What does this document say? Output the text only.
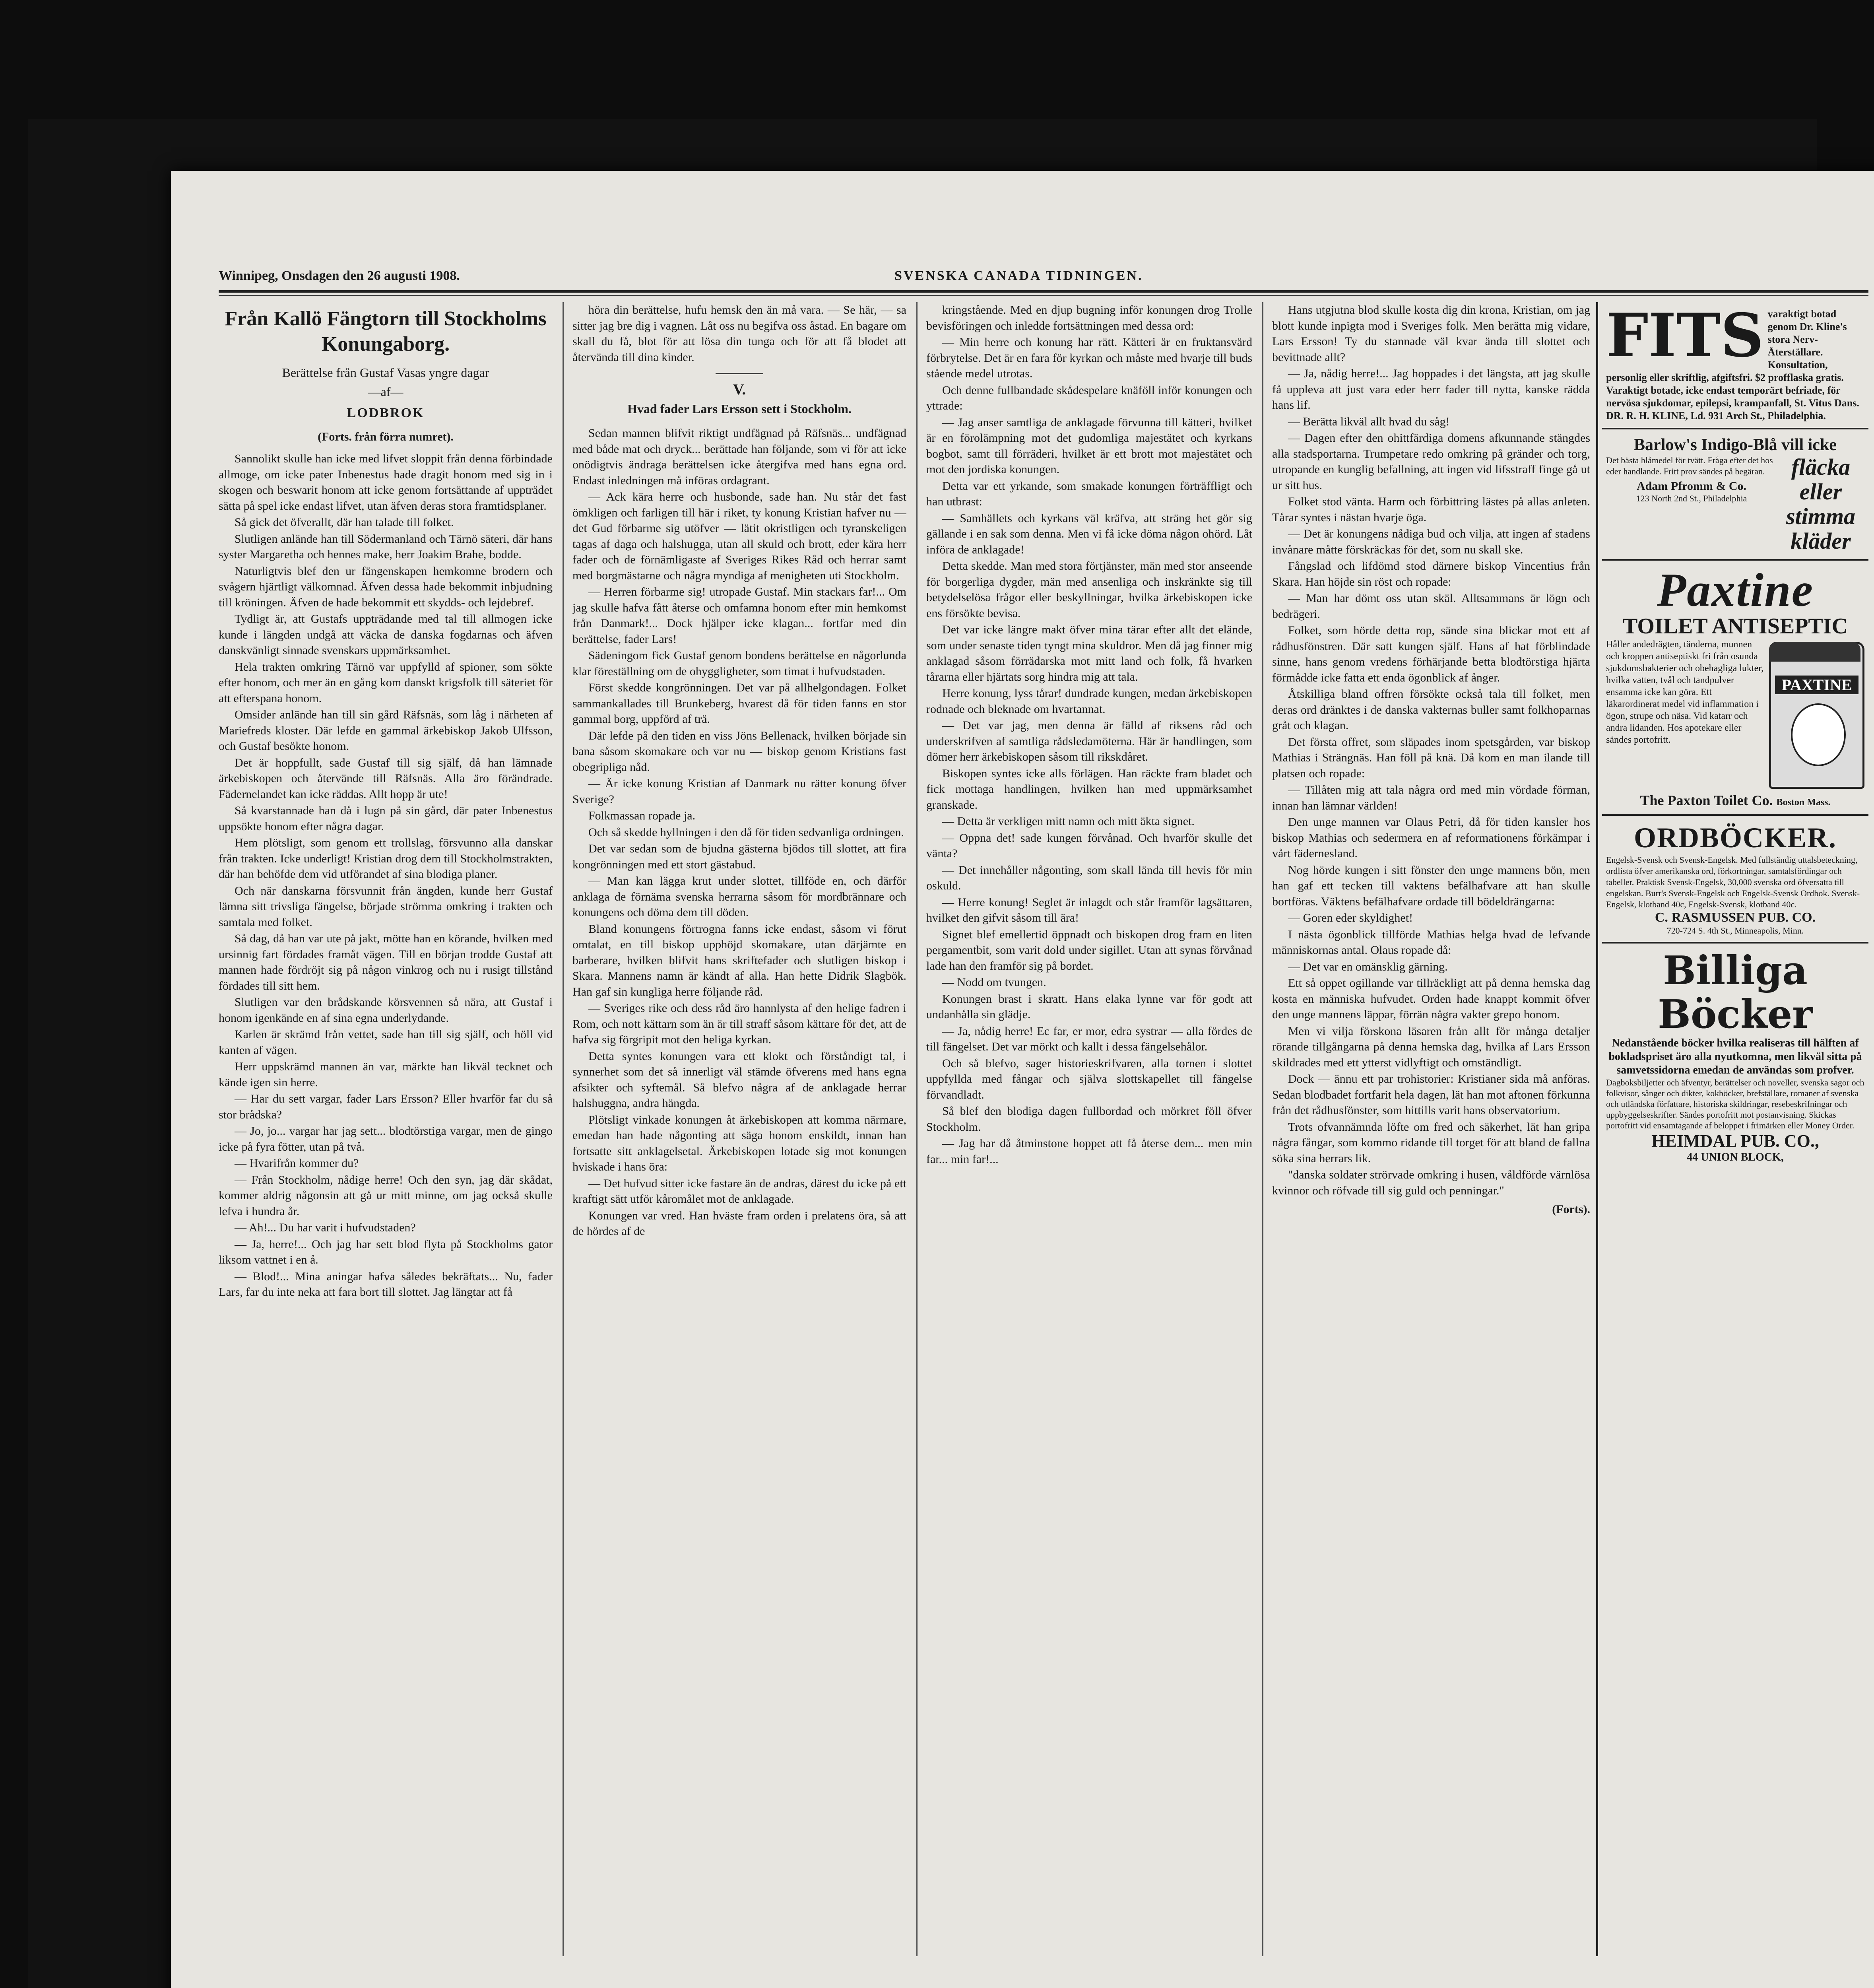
Winnipeg, Onsdagen den 26 augusti 1908.	SVENSKA CANADA TIDNINGEN.
Från Kallö Fängtorn till Stockholms Konungaborg.
Berättelse från Gustaf Vasas yngre dagar
—af—
LODBROK
(Forts. från förra numret).

Sannolikt skulle han icke med lifvet sloppit från denna förbindade allmoge, om icke pater Inbenestus hade dragit honom med sig in i skogen och beswarit honom att icke genom fortsättande af uppträdet sätta på spel icke endast lifvet, utan äfven deras stora framtidsplaner.

Så gick det öfverallt, där han talade till folket.

Slutligen anlände han till Södermanland och Tärnö säteri, där hans syster Margaretha och hennes make, herr Joakim Brahe, bodde.

Naturligtvis blef den ur fängenskapen hemkomne brodern och svågern hjärtligt välkomnad. Äfven dessa hade bekommit inbjudning till kröningen. Äfven de hade bekommit ett skydds- och lejdebref.

Tydligt är, att Gustafs uppträdande med tal till allmogen icke kunde i längden undgå att väcka de danska fogdarnas och äfven danskvänligt sinnade svenskars uppmärksamhet.

Hela trakten omkring Tärnö var uppfylld af spioner, som sökte efter honom, och mer än en gång kom danskt krigsfolk till säteriet för att efterspana honom.

Omsider anlände han till sin gård Räfsnäs, som låg i närheten af Mariefreds kloster. Där lefde en gammal ärkebiskop Jakob Ulfsson, och Gustaf besökte honom.

Det är hoppfullt, sade Gustaf till sig själf, då han lämnade ärkebiskopen och återvände till Räfsnäs. Alla äro förändrade. Fädernelandet kan icke räddas. Allt hopp är ute!

Så kvarstannade han då i lugn på sin gård, där pater Inbenestus uppsökte honom efter några dagar.

Hem plötsligt, som genom ett trollslag, försvunno alla danskar från trakten. Icke underligt! Kristian drog dem till Stockholmstrakten, där han behöfde dem vid utförandet af sina blodiga planer.

Och när danskarna försvunnit från ängden, kunde herr Gustaf lämna sitt trivsliga fängelse, började strömma omkring i trakten och samtala med folket.

Så dag, då han var ute på jakt, mötte han en körande, hvilken med ursinnig fart fördades framåt vägen. Till en början trodde Gustaf att mannen hade fördröjt sig på någon vinkrog och nu i rusigt tillstånd fördades till sitt hem.

Slutligen var den brådskande körsvennen så nära, att Gustaf i honom igenkände en af sina egna underlydande.

Karlen är skrämd från vettet, sade han till sig själf, och höll vid kanten af vägen.

Herr uppskrämd mannen än var, märkte han likväl tecknet och kände igen sin herre.

— Har du sett vargar, fader Lars Ersson? Eller hvarför far du så stor brådska?

— Jo, jo... vargar har jag sett... blodtörstiga vargar, men de gingo icke på fyra fötter, utan på två.

— Hvarifrån kommer du?

— Från Stockholm, nådige herre! Och den syn, jag där skådat, kommer aldrig någonsin att gå ur mitt minne, om jag också skulle lefva i hundra år.

— Ah!... Du har varit i hufvudstaden?

— Ja, herre!... Och jag har sett blod flyta på Stockholms gator liksom vattnet i en å.

— Blod!... Mina aningar hafva således bekräftats... Nu, fader Lars, far du inte neka att fara bort till slottet. Jag längtar att få

höra din berättelse, hufu hemsk den än må vara. — Se här, — sa sitter jag bre dig i vagnen. Låt oss nu begifva oss åstad. En bagare om skall du få, blot för att lösa din tunga och för att få blodet att återvända till dina kinder.

V.
Hvad fader Lars Ersson sett i Stockholm.

Sedan mannen blifvit riktigt undfägnad på Räfsnäs... undfägnad med både mat och dryck... berättade han följande, som vi för att icke onödigtvis ändraga berättelsen icke återgifva med hans egna ord. Endast inledningen må införas ordagrant.

— Ack kära herre och husbonde, sade han. Nu står det fast ömkligen och farligen till här i riket, ty konung Kristian hafver nu — det Gud förbarme sig utöfver — lätit okristligen och tyranskeligen tagas af daga och halshugga, utan all skuld och brott, eder kära herr fader och de förnämligaste af Sveriges Rikes Råd och herrar samt med borgmästarne och några myndiga af menigheten uti Stockholm.

— Herren förbarme sig! utropade Gustaf. Min stackars far!... Om jag skulle hafva fått återse och omfamna honom efter min hemkomst från Danmark!... Dock hjälper icke klagan... fortfar med din berättelse, fader Lars!

Sädeningom fick Gustaf genom bondens berättelse en någorlunda klar föreställning om de ohyggligheter, som timat i hufvudstaden.

Först skedde kongrönningen. Det var på allhelgondagen. Folket sammankallades till Brunkeberg, hvarest då för tiden fanns en stor gammal borg, uppförd af trä.

Där lefde på den tiden en viss Jöns Bellenack, hvilken började sin bana såsom skomakare och var nu — biskop genom Kristians fast obegripliga nåd.

— Är icke konung Kristian af Danmark nu rätter konung öfver Sverige?

Folkmassan ropade ja.

Och så skedde hyllningen i den då för tiden sedvanliga ordningen.

Det var sedan som de bjudna gästerna bjödos till slottet, att fira kongrönningen med ett stort gästabud.

— Man kan lägga krut under slottet, tillföde en, och därför anklaga de förnäma svenska herrarna såsom för mordbrännare och konungens och döma dem till döden.

Bland konungens förtrogna fanns icke endast, såsom vi förut omtalat, en till biskop upphöjd skomakare, utan därjämte en barberare, hvilken blifvit hans skriftefader och slutligen biskop i Skara. Mannens namn är kändt af alla. Han hette Didrik Slagbök. Han gaf sin kungliga herre följande råd.

— Sveriges rike och dess råd äro hannlysta af den helige fadren i Rom, och nott kättarn som än är till straff såsom kättare för det, att de hafva sig förgripit mot den heliga kyrkan.

Detta syntes konungen vara ett klokt och förståndigt tal, i synnerhet som det så innerligt väl stämde öfverens med hans egna afsikter och syftemål. Så blefvo några af de anklagade herrar halshuggna, andra hängda.

Plötsligt vinkade konungen åt ärkebiskopen att komma närmare, emedan han hade någonting att säga honom enskildt, innan han fortsatte sitt anklagelsetal. Ärkebiskopen lotade sig mot konungen hviskade i hans öra:

— Det hufvud sitter icke fastare än de andras, därest du icke på ett kraftigt sätt utför kåromålet mot de anklagade.

Konungen var vred. Han hväste fram orden i prelatens öra, så att de hördes af de

kringstående. Med en djup bugning inför konungen drog Trolle bevisföringen och inledde fortsättningen med dessa ord:

— Min herre och konung har rätt. Kätteri är en fruktansvärd förbrytelse. Det är en fara för kyrkan och måste med hvarje till buds stående medel utrotas.

Och denne fullbandade skådespelare knäföll inför konungen och yttrade:

— Jag anser samtliga de anklagade förvunna till kätteri, hvilket är en förolämpning mot det gudomliga majestätet och kyrkans bogbot, samt till förräderi, hvilket är ett brott mot majestätet och mot den jordiska konungen.

Detta var ett yrkande, som smakade konungen förträffligt och han utbrast:

— Samhällets och kyrkans väl kräfva, att sträng het gör sig gällande i en sak som denna. Men vi få icke döma någon ohörd. Låt införa de anklagade!

Detta skedde. Man med stora förtjänster, män med stor anseende för borgerliga dygder, män med ansenliga och inskränkte sig till betydelselösa frågor eller beskyllningar, hvilka ärkebiskopen icke ens försökte bevisa.

Det var icke längre makt öfver mina tärar efter allt det elände, som under senaste tiden tyngt mina skuldror. Men då jag finner mig anklagad såsom förrädarska mot mitt land och folk, få hvarken tårarna eller hjärtats sorg hindra mig att tala.

Herre konung, lyss tårar! dundrade kungen, medan ärkebiskopen rodnade och bleknade om hvartannat.

— Det var jag, men denna är fälld af riksens råd och underskrifven af samtliga rådsledamöterna. Här är handlingen, som dömer herr ärkebiskopen såsom till rikskdåret.

Biskopen syntes icke alls förlägen. Han räckte fram bladet och fick mottaga handlingen, hvilken han med uppmärksamhet granskade.

— Detta är verkligen mitt namn och mitt äkta signet.

— Oppna det! sade kungen förvånad. Och hvarför skulle det vänta?

— Det innehåller någonting, som skall lända till hevis för min oskuld.

— Herre konung! Seglet är inlagdt och står framför lagsättaren, hvilket den gifvit såsom till ära!

Signet blef emellertid öppnadt och biskopen drog fram en liten pergamentbit, som varit dold under sigillet. Utan att synas förvånad lade han den framför sig på bordet.

— Nodd om tvungen.

Konungen brast i skratt. Hans elaka lynne var för godt att undanhålla sin glädje.

— Ja, nådig herre! Ec far, er mor, edra systrar — alla fördes de till fängelset. Det var mörkt och kallt i dessa fängelsehålor.

Och så blefvo, sager historieskrifvaren, alla tornen i slottet uppfyllda med fångar och själva slottskapellet till fängelse förvandladt.

Så blef den blodiga dagen fullbordad och mörkret föll öfver Stockholm.

— Jag har då åtminstone hoppet att få återse dem... men min far... min far!...

Hans utgjutna blod skulle kosta dig din krona, Kristian, om jag blott kunde inpigta mod i Sveriges folk. Men berätta mig vidare, Lars Ersson! Ty du stannade väl kvar ända till slottet och bevittnade allt?

— Ja, nådig herre!... Jag hoppades i det längsta, att jag skulle få uppleva att just vara eder herr fader till nytta, kanske rädda hans lif.

— Berätta likväl allt hvad du såg!

— Dagen efter den ohittfärdiga domens afkunnande stängdes alla stadsportarna. Trumpetare redo omkring på gränder och torg, utropande en kunglig befallning, att ingen vid lifsstraff finge gå ut ur sitt hus.

Folket stod vänta. Harm och förbittring lästes på allas anleten. Tårar syntes i nästan hvarje öga.

— Det är konungens nådiga bud och vilja, att ingen af stadens invånare måtte förskräckas för det, som nu skall ske.

Fångslad och lifdömd stod därnere biskop Vincentius från Skara. Han höjde sin röst och ropade:

— Man har dömt oss utan skäl. Alltsammans är lögn och bedrägeri.

Folket, som hörde detta rop, sände sina blickar mot ett af rådhusfönstren. Där satt kungen själf. Hans af hat förblindade sinne, hans genom vredens förhärjande betta blodtörstiga hjärta förmådde icke fatta ett enda ögonblick af ånger.

Åtskilliga bland offren försökte också tala till folket, men deras ord dränktes i de danska vakternas buller samt folkhoparnas gråt och klagan.

Det första offret, som släpades inom spetsgården, var biskop Mathias i Strängnäs. Han föll på knä. Då kom en man ilande till platsen och ropade:

— Tillåten mig att tala några ord med min vördade förman, innan han lämnar världen!

Den unge mannen var Olaus Petri, då för tiden kansler hos biskop Mathias och sedermera en af reformationens förkämpar i vårt fädernesland.

Nog hörde kungen i sitt fönster den unge mannens bön, men han gaf ett tecken till vaktens befälhafvare att han skulle bortföras. Väktens befälhafvare ordade till bödeldrängarna:

— Goren eder skyldighet!

I nästa ögonblick tillförde Mathias helga hvad de lefvande människornas antal. Olaus ropade då:

— Det var en omänsklig gärning.

Ett så oppet ogillande var tillräckligt att på denna hemska dag kosta en människa hufvudet. Orden hade knappt kommit öfver den unge mannens läppar, förrän några vakter grepo honom.

Men vi vilja förskona läsaren från allt för många detaljer rörande tillgångarna på denna hemska dag, hvilka af Lars Ersson skildrades med ett ytterst vidlyftigt och omständligt.

Dock — ännu ett par trohistorier: Kristianer sida må anföras. Sedan blodbadet fortfarit hela dagen, lät han mot aftonen förkunna från det rådhusfönster, som hittills varit hans observatorium.

Trots ofvannämnda löfte om fred och säkerhet, lät han gripa några fångar, som kommo ridande till torget för att bland de fallna söka sina herrars lik.

"danska soldater strörvade omkring i husen, våldförde värnlösa kvinnor och röfvade till sig guld och penningar."

(Forts).
FITS varaktigt botad genom Dr. Kline's stora Nerv-Återställare. Konsultation, personlig eller skriftlig, afgiftsfri. $2 profflaska gratis. Varaktigt botade, icke endast temporärt befriade, för nervösa sjukdomar, epilepsi, krampanfall, St. Vitus Dans. DR. R. H. KLINE, Ld. 931 Arch St., Philadelphia.
Barlow's Indigo-Blå vill icke
fläcka eller stimma kläder
Det bästa blåmedel för tvätt. Fråga efter det hos eder handlande. Fritt prov sändes på begäran.
Adam Pfromm & Co.
123 North 2nd St., Philadelphia
Paxtine
TOILET ANTISEPTIC
PAXTINE
Håller andedrägten, tänderna, munnen och kroppen antiseptiskt fri från osunda sjukdomsbakterier och obehagliga lukter, hvilka vatten, tvål och tandpulver ensamma icke kan göra. Ett läkarordinerat medel vid inflammation i ögon, strupe och näsa. Vid katarr och andra lidanden. Hos apotekare eller sändes portofritt.
The Paxton Toilet Co. Boston Mass.
ORDBÖCKER.
Engelsk-Svensk och Svensk-Engelsk. Med fullständig uttalsbeteckning, ordlista öfver amerikanska ord, förkortningar, samtalsfördingar och tabeller. Praktisk Svensk-Engelsk, 30,000 svenska ord öfversatta till engelskan. Burr's Svensk-Engelsk och Engelsk-Svensk Ordbok. Svensk-Engelsk, klotband 40c, Engelsk-Svensk, klotband 40c.
C. RASMUSSEN PUB. CO.
720-724 S. 4th St., Minneapolis, Minn.
Billiga Böcker
Nedanstående böcker hvilka realiseras till hälften af bokladspriset äro alla nyutkomna, men likväl sitta på samvetssidorna emedan de användas som profver.
Dagboksbiljetter och äfventyr, berättelser och noveller, svenska sagor och folkvisor, sånger och dikter, kokböcker, brefställare, romaner af svenska och utländska författare, historiska skildringar, resebeskrifningar och uppbyggelseskrifter. Sändes portofritt mot postanvisning. Skickas portofritt vid ensamtagande af beloppet i frimärken eller Money Order.
HEIMDAL PUB. CO.,
44 UNION BLOCK,
